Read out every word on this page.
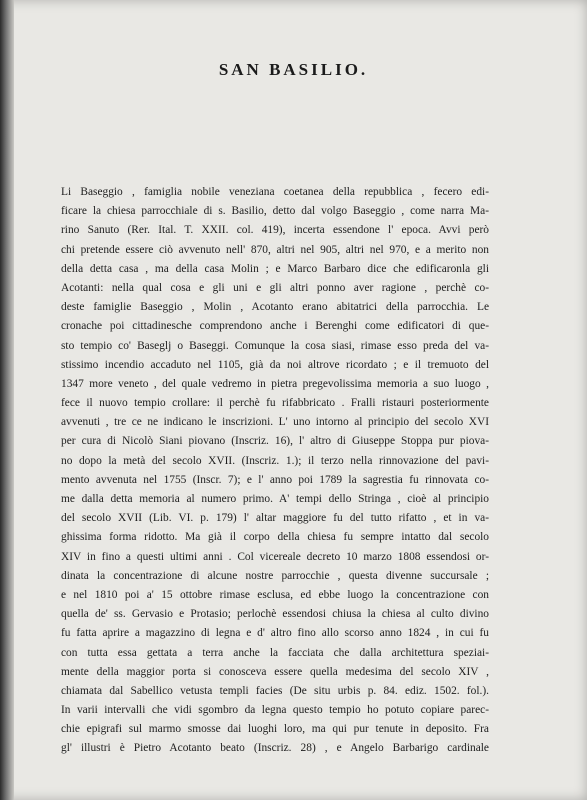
SAN BASILIO.
Li Baseggio , famiglia nobile veneziana coetanea della repubblica , fecero edi-
ficare la chiesa parrocchiale di s. Basilio, detto dal volgo Baseggio , come narra Ma-
rino Sanuto (Rer. Ital. T. XXII. col. 419), incerta essendone l' epoca. Avvi però
chi pretende essere ciò avvenuto nell' 870, altri nel 905, altri nel 970, e a merito non
della detta casa , ma della casa Molin ; e Marco Barbaro dice che edificaronla gli
Acotanti: nella qual cosa e gli uni e gli altri ponno aver ragione , perchè co-
deste famiglie Baseggio , Molin , Acotanto erano abitatrici della parrocchia. Le
cronache poi cittadinesche comprendono anche i Berenghi come edificatori di que-
sto tempio co' Baseglj o Baseggi. Comunque la cosa siasi, rimase esso preda del va-
stissimo incendio accaduto nel 1105, già da noi altrove ricordato ; e il tremuoto del
1347 more veneto , del quale vedremo in pietra pregevolissima memoria a suo luogo ,
fece il nuovo tempio crollare: il perchè fu rifabbricato . Fralli ristauri posteriormente
avvenuti , tre ce ne indicano le inscrizioni. L' uno intorno al principio del secolo XVI
per cura di Nicolò Siani piovano (Inscriz. 16), l' altro di Giuseppe Stoppa pur piova-
no dopo la metà del secolo XVII. (Inscriz. 1.); il terzo nella rinnovazione del pavi-
mento avvenuta nel 1755 (Inscr. 7); e l' anno poi 1789 la sagrestia fu rinnovata co-
me dalla detta memoria al numero primo. A' tempi dello Stringa , cioè al principio
del secolo XVII (Lib. VI. p. 179) l' altar maggiore fu del tutto rifatto , et in va-
ghissima forma ridotto. Ma già il corpo della chiesa fu sempre intatto dal secolo
XIV in fino a questi ultimi anni . Col vicereale decreto 10 marzo 1808 essendosi or-
dinata la concentrazione di alcune nostre parrocchie , questa divenne succursale ;
e nel 1810 poi a' 15 ottobre rimase esclusa, ed ebbe luogo la concentrazione con
quella de' ss. Gervasio e Protasio; perlochè essendosi chiusa la chiesa al culto divino
fu fatta aprire a magazzino di legna e d' altro fino allo scorso anno 1824 , in cui fu
con tutta essa gettata a terra anche la facciata che dalla architettura speziai-
mente della maggior porta si conosceva essere quella medesima del secolo XIV ,
chiamata dal Sabellico vetusta templi facies (De situ urbis p. 84. ediz. 1502. fol.).
In varii intervalli che vidi sgombro da legna questo tempio ho potuto copiare parec-
chie epigrafi sul marmo smosse dai luoghi loro, ma qui pur tenute in deposito. Fra
gl' illustri è Pietro Acotanto beato (Inscriz. 28) , e Angelo Barbarigo cardinale
